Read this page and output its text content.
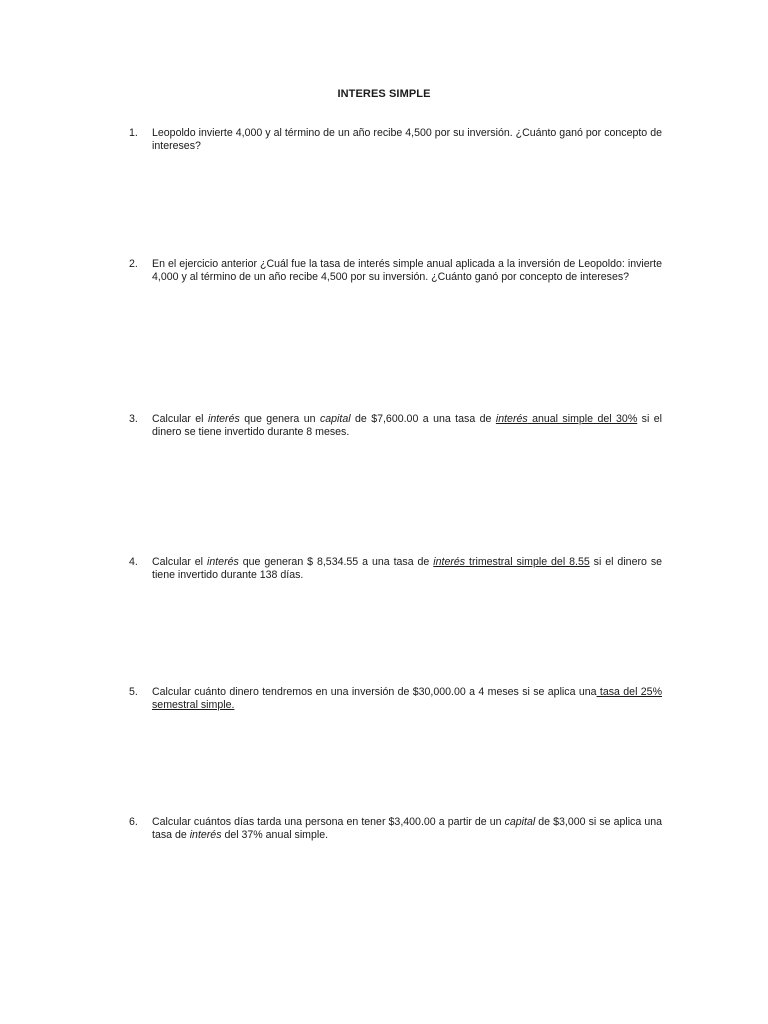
INTERES SIMPLE
1. Leopoldo invierte 4,000 y al término de un año recibe 4,500 por su inversión. ¿Cuánto ganó por concepto de intereses?
2. En el ejercicio anterior ¿Cuál fue la tasa de interés simple anual aplicada a la inversión de Leopoldo: invierte 4,000 y al término de un año recibe 4,500 por su inversión. ¿Cuánto ganó por concepto de intereses?
3. Calcular el interés que genera un capital de $7,600.00 a una tasa de interés anual simple del 30% si el dinero se tiene invertido durante 8 meses.
4. Calcular el interés que generan $ 8,534.55 a una tasa de interés trimestral simple del 8.55 si el dinero se tiene invertido durante 138 días.
5. Calcular cuánto dinero tendremos en una inversión de $30,000.00 a 4 meses si se aplica una tasa del 25% semestral simple.
6. Calcular cuántos días tarda una persona en tener $3,400.00 a partir de un capital de $3,000 si se aplica una tasa de interés del 37% anual simple.
